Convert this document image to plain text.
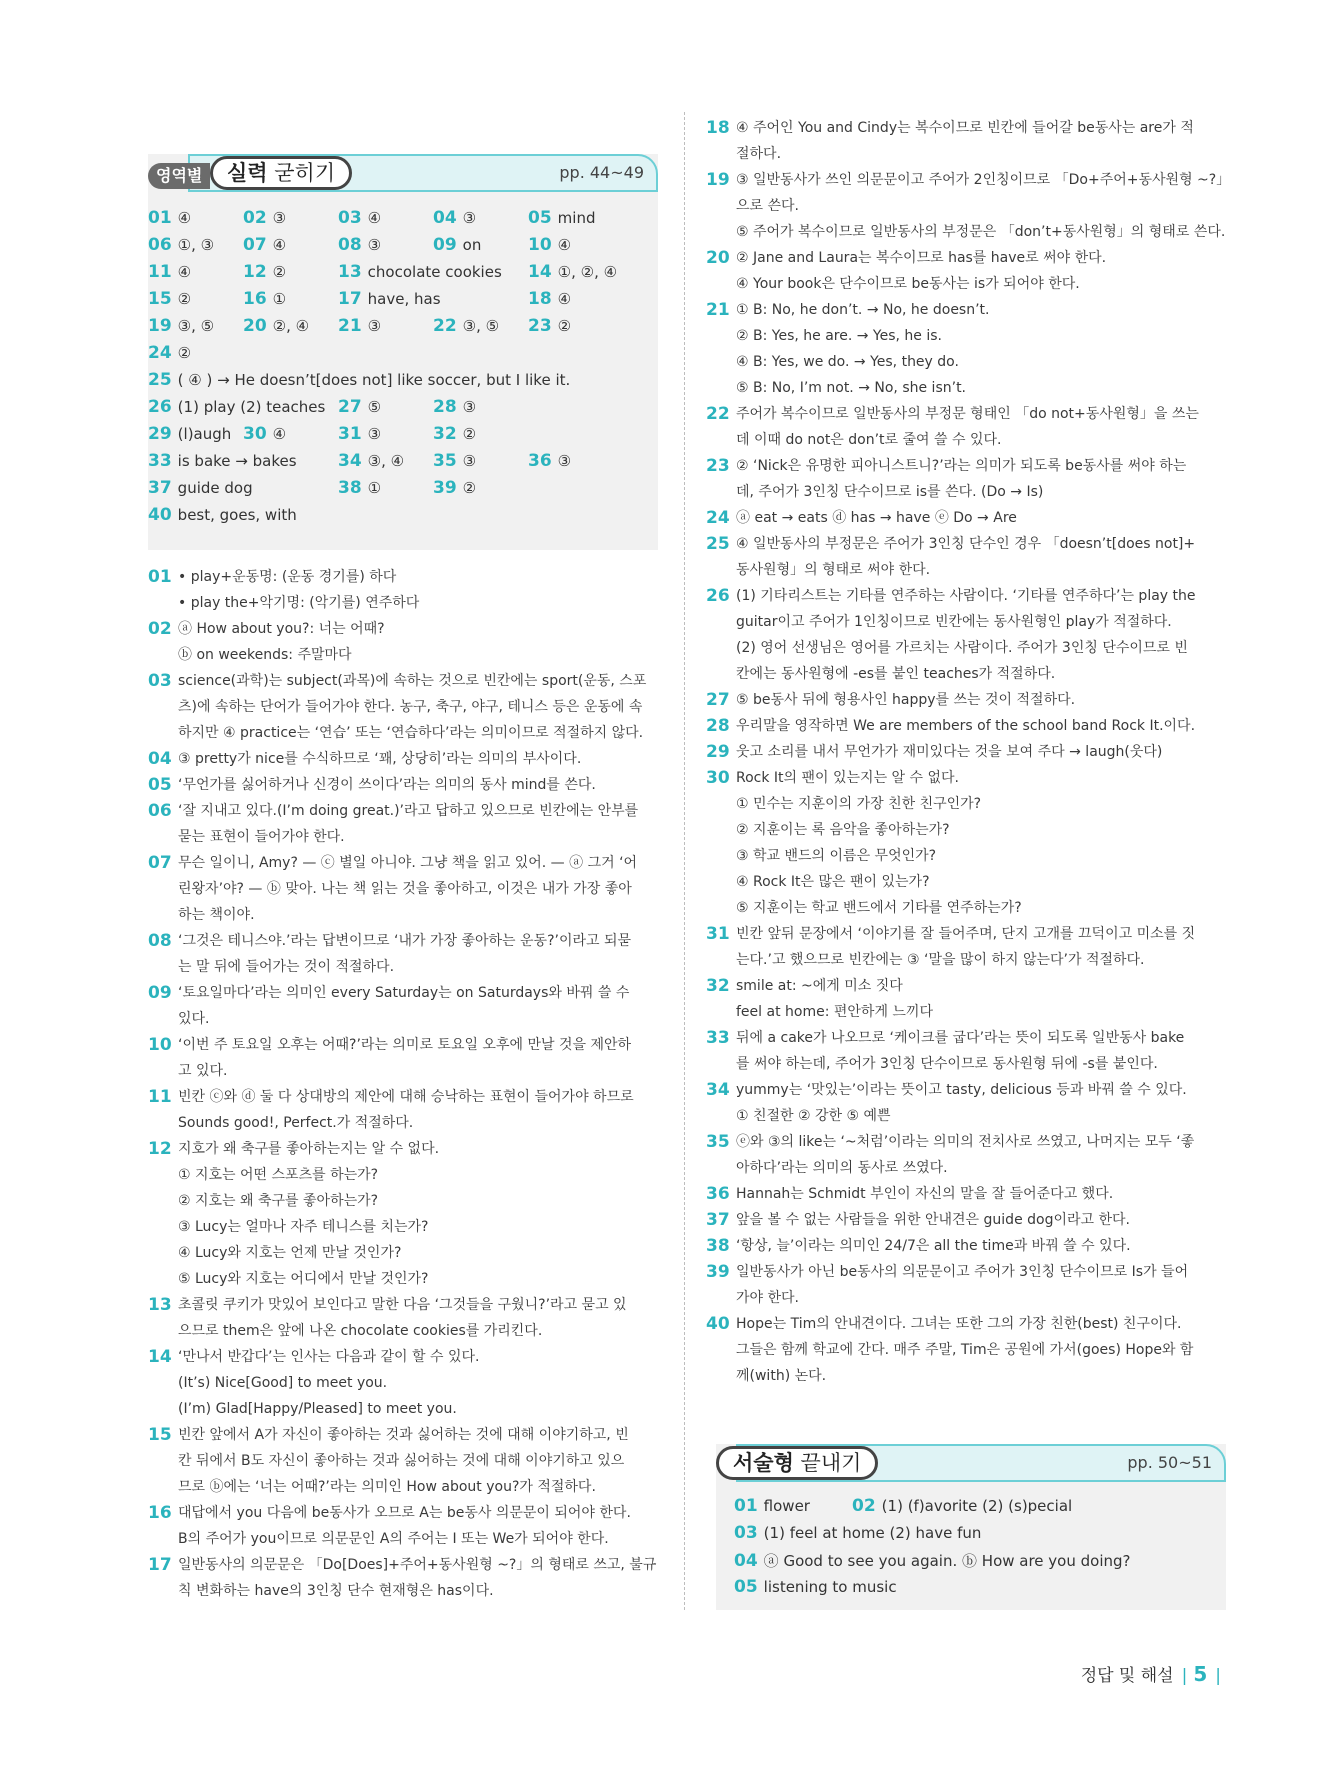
영역별	실력 굳히기	pp. 44~49
01 ④	02 ③	03 ④	04 ③	05 mind
06 ①, ③ 07 ④	08 ③	09 on	10 ④
11 ④	12 ②	13 chocolate cookies 14 ①, ②, ④
15 ②	16 ①	17 have, has	18 ④
19 ③, ⑤ 20 ②, ④ 21 ③	22 ③, ⑤ 23 ②
24 ②
25 ( ④ ) → He doesn’t[does not] like soccer, but I like it.
26 (1) play (2) teaches 27 ⑤	28 ③
29 (l)augh 30 ④	31 ③	32 ②
33 is bake → bakes 34 ③, ④ 35 ③	36 ③
37 guide dog	38 ①	39 ②
40 best, goes, with
01 • play+운동명: (운동 경기를) 하다
• play the+악기명: (악기를) 연주하다
02 ⓐ How about you?: 너는 어때?
ⓑ on weekends: 주말마다
03 science(과학)는 subject(과목)에 속하는 것으로 빈칸에는 sport(운동, 스포
츠)에 속하는 단어가 들어가야 한다. 농구, 축구, 야구, 테니스 등은 운동에 속
하지만 ④ practice는 ‘연습’ 또는 ‘연습하다’라는 의미이므로 적절하지 않다.
04 ③ pretty가 nice를 수식하므로 ‘꽤, 상당히’라는 의미의 부사이다.
05 ‘무언가를 싫어하거나 신경이 쓰이다’라는 의미의 동사 mind를 쓴다.
06 ‘잘 지내고 있다.(I’m doing great.)’라고 답하고 있으므로 빈칸에는 안부를
묻는 표현이 들어가야 한다.
07 무슨 일이니, Amy? — ⓒ 별일 아니야. 그냥 책을 읽고 있어. — ⓐ 그거 ‘어
린왕자’야? — ⓑ 맞아. 나는 책 읽는 것을 좋아하고, 이것은 내가 가장 좋아
하는 책이야.
08 ‘그것은 테니스야.’라는 답변이므로 ‘내가 가장 좋아하는 운동?’이라고 되묻
는 말 뒤에 들어가는 것이 적절하다.
09 ‘토요일마다’라는 의미인 every Saturday는 on Saturdays와 바꿔 쓸 수
있다.
10 ‘이번 주 토요일 오후는 어때?’라는 의미로 토요일 오후에 만날 것을 제안하
고 있다.
11 빈칸 ⓒ와 ⓓ 둘 다 상대방의 제안에 대해 승낙하는 표현이 들어가야 하므로
Sounds good!, Perfect.가 적절하다.
12 지호가 왜 축구를 좋아하는지는 알 수 없다.
① 지호는 어떤 스포츠를 하는가?
② 지호는 왜 축구를 좋아하는가?
③ Lucy는 얼마나 자주 테니스를 치는가?
④ Lucy와 지호는 언제 만날 것인가?
⑤ Lucy와 지호는 어디에서 만날 것인가?
13 초콜릿 쿠키가 맛있어 보인다고 말한 다음 ‘그것들을 구웠니?’라고 묻고 있
으므로 them은 앞에 나온 chocolate cookies를 가리킨다.
14 ‘만나서 반갑다’는 인사는 다음과 같이 할 수 있다.
(It’s) Nice[Good] to meet you.
(I’m) Glad[Happy/Pleased] to meet you.
15 빈칸 앞에서 A가 자신이 좋아하는 것과 싫어하는 것에 대해 이야기하고, 빈
칸 뒤에서 B도 자신이 좋아하는 것과 싫어하는 것에 대해 이야기하고 있으
므로 ⓑ에는 ‘너는 어때?’라는 의미인 How about you?가 적절하다.
16 대답에서 you 다음에 be동사가 오므로 A는 be동사 의문문이 되어야 한다.
B의 주어가 you이므로 의문문인 A의 주어는 I 또는 We가 되어야 한다.
17 일반동사의 의문문은 「Do[Does]+주어+동사원형 ~?」의 형태로 쓰고, 불규
칙 변화하는 have의 3인칭 단수 현재형은 has이다.
18 ④ 주어인 You and Cindy는 복수이므로 빈칸에 들어갈 be동사는 are가 적
절하다.
19 ③ 일반동사가 쓰인 의문문이고 주어가 2인칭이므로 「Do+주어+동사원형 ~?」
으로 쓴다.
⑤ 주어가 복수이므로 일반동사의 부정문은 「don’t+동사원형」의 형태로 쓴다.
20 ② Jane and Laura는 복수이므로 has를 have로 써야 한다.
④ Your book은 단수이므로 be동사는 is가 되어야 한다.
21 ① B: No, he don’t. → No, he doesn’t.
② B: Yes, he are. → Yes, he is.
④ B: Yes, we do. → Yes, they do.
⑤ B: No, I’m not. → No, she isn’t.
22 주어가 복수이므로 일반동사의 부정문 형태인 「do not+동사원형」을 쓰는
데 이때 do not은 don’t로 줄여 쓸 수 있다.
23 ② ‘Nick은 유명한 피아니스트니?’라는 의미가 되도록 be동사를 써야 하는
데, 주어가 3인칭 단수이므로 is를 쓴다. (Do → Is)
24 ⓐ eat → eats ⓓ has → have ⓔ Do → Are
25 ④ 일반동사의 부정문은 주어가 3인칭 단수인 경우 「doesn’t[does not]+
동사원형」의 형태로 써야 한다.
26 (1) 기타리스트는 기타를 연주하는 사람이다. ‘기타를 연주하다’는 play the
guitar이고 주어가 1인칭이므로 빈칸에는 동사원형인 play가 적절하다.
(2) 영어 선생님은 영어를 가르치는 사람이다. 주어가 3인칭 단수이므로 빈
칸에는 동사원형에 -es를 붙인 teaches가 적절하다.
27 ⑤ be동사 뒤에 형용사인 happy를 쓰는 것이 적절하다.
28 우리말을 영작하면 We are members of the school band Rock It.이다.
29 웃고 소리를 내서 무언가가 재미있다는 것을 보여 주다 → laugh(웃다)
30 Rock It의 팬이 있는지는 알 수 없다.
① 민수는 지훈이의 가장 친한 친구인가?
② 지훈이는 록 음악을 좋아하는가?
③ 학교 밴드의 이름은 무엇인가?
④ Rock It은 많은 팬이 있는가?
⑤ 지훈이는 학교 밴드에서 기타를 연주하는가?
31 빈칸 앞뒤 문장에서 ‘이야기를 잘 들어주며, 단지 고개를 끄덕이고 미소를 짓
는다.’고 했으므로 빈칸에는 ③ ‘말을 많이 하지 않는다’가 적절하다.
32 smile at: ~에게 미소 짓다
feel at home: 편안하게 느끼다
33 뒤에 a cake가 나오므로 ‘케이크를 굽다’라는 뜻이 되도록 일반동사 bake
를 써야 하는데, 주어가 3인칭 단수이므로 동사원형 뒤에 -s를 붙인다.
34 yummy는 ‘맛있는’이라는 뜻이고 tasty, delicious 등과 바꿔 쓸 수 있다.
① 친절한 ② 강한 ⑤ 예쁜
35 ⓔ와 ③의 like는 ‘~처럼’이라는 의미의 전치사로 쓰였고, 나머지는 모두 ‘좋
아하다’라는 의미의 동사로 쓰였다.
36 Hannah는 Schmidt 부인이 자신의 말을 잘 들어준다고 했다.
37 앞을 볼 수 없는 사람들을 위한 안내견은 guide dog이라고 한다.
38 ‘항상, 늘’이라는 의미인 24/7은 all the time과 바꿔 쓸 수 있다.
39 일반동사가 아닌 be동사의 의문문이고 주어가 3인칭 단수이므로 Is가 들어
가야 한다.
40 Hope는 Tim의 안내견이다. 그녀는 또한 그의 가장 친한(best) 친구이다.
그들은 함께 학교에 간다. 매주 주말, Tim은 공원에 가서(goes) Hope와 함
께(with) 논다.
서술형 끝내기	pp. 50~51
01 flower 02 (1) (f)avorite (2) (s)pecial
03 (1) feel at home (2) have fun
04 ⓐ Good to see you again. ⓑ How are you doing?
05 listening to music
정답 및 해설 | 5 |
